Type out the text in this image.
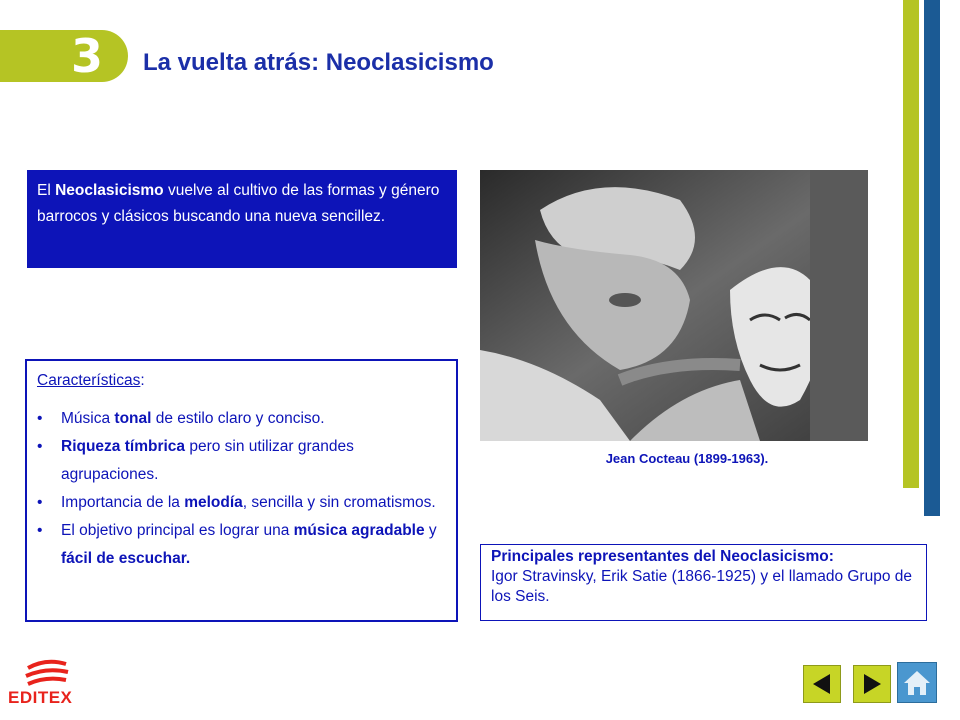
3	La vuelta atrás: Neoclasicismo
El Neoclasicismo vuelve al cultivo de las formas y género barrocos y clásicos buscando una nueva sencillez.
Características:
• Música tonal de estilo claro y conciso.
• Riqueza tímbrica pero sin utilizar grandes agrupaciones.
• Importancia de la melodía, sencilla y sin cromatismos.
• El objetivo principal es lograr una música agradable y fácil de escuchar.
Jean Cocteau (1899-1963).
Principales representantes del Neoclasicismo:
Igor Stravinsky, Erik Satie (1866-1925) y el llamado Grupo de los Seis.
EDITEX
